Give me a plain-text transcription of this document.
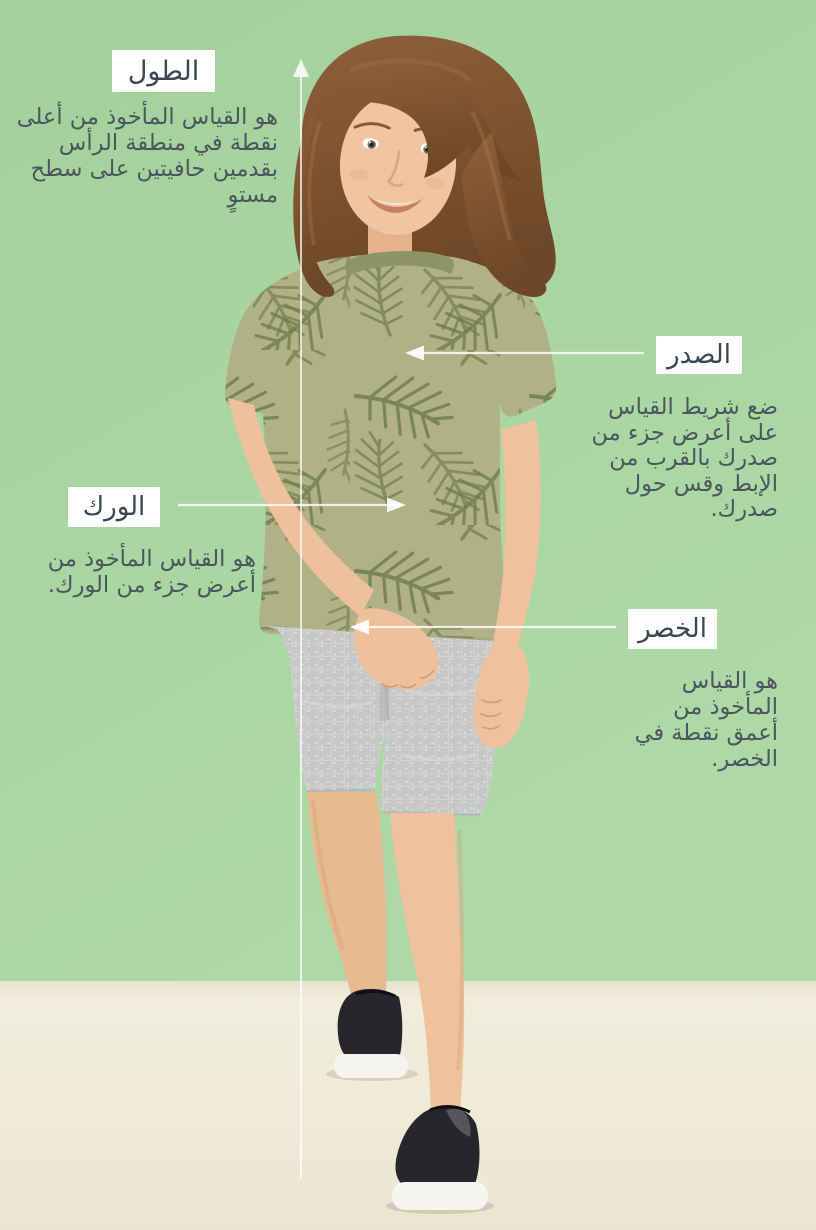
الطول
الصدر
الورك
الخصر
هو القياس المأخوذ من أعلى نقطة في منطقة الرأس بقدمين حافيتين على سطح مستوٍ
ضع شريط القياس على أعرض جزء من صدرك بالقرب من الإبط وقس حول صدرك.
هو القياس المأخوذ من أعرض جزء من الورك.
هو القياس المأخوذ من أعمق نقطة في الخصر.
